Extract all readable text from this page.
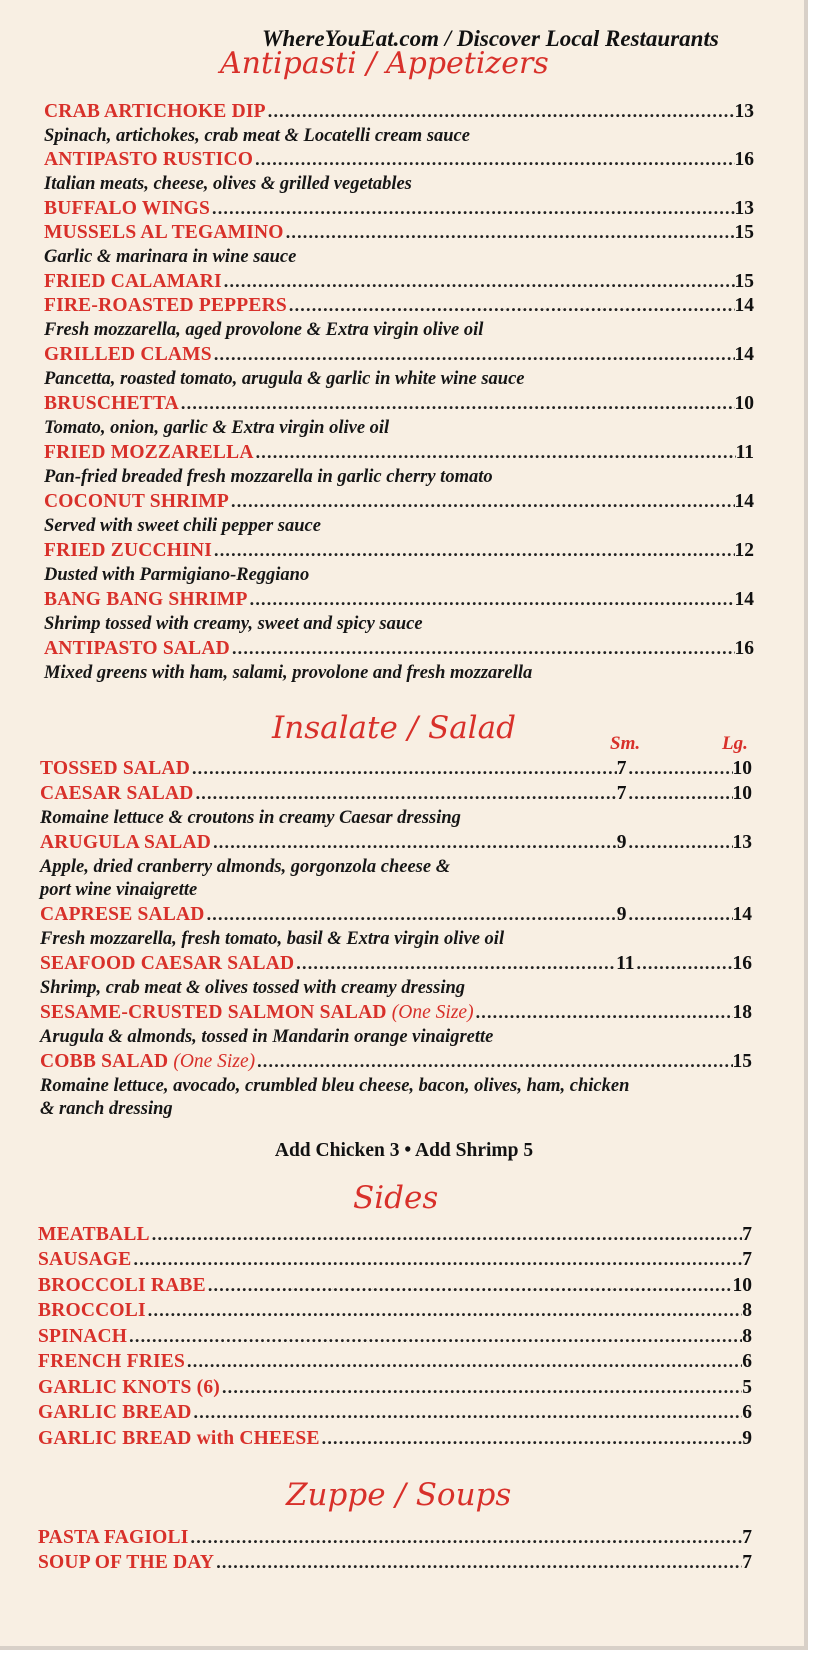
WhereYouEat.com / Discover Local Restaurants
Antipasti / Appetizers
CRAB ARTICHOKE DIP .....	13
Spinach, artichokes, crab meat & Locatelli cream sauce
ANTIPASTO RUSTICO .....	16
Italian meats, cheese, olives & grilled vegetables
BUFFALO WINGS .....	13
MUSSELS AL TEGAMINO .....	15
Garlic & marinara in wine sauce
FRIED CALAMARI .....	15
FIRE-ROASTED PEPPERS .....	14
Fresh mozzarella, aged provolone & Extra virgin olive oil
GRILLED CLAMS .....	14
Pancetta, roasted tomato, arugula & garlic in white wine sauce
BRUSCHETTA .....	10
Tomato, onion, garlic & Extra virgin olive oil
FRIED MOZZARELLA .....	11
Pan-fried breaded fresh mozzarella in garlic cherry tomato
COCONUT SHRIMP .....	14
Served with sweet chili pepper sauce
FRIED ZUCCHINI .....	12
Dusted with Parmigiano-Reggiano
BANG BANG SHRIMP .....	14
Shrimp tossed with creamy, sweet and spicy sauce
ANTIPASTO SALAD .....	16
Mixed greens with ham, salami, provolone and fresh mozzarella
Insalate / Salad	Sm.	Lg.
TOSSED SALAD .....	7 .....	10
CAESAR SALAD .....	7 .....	10
Romaine lettuce & croutons in creamy Caesar dressing
ARUGULA SALAD .....	9 .....	13
Apple, dried cranberry almonds, gorgonzola cheese &
port wine vinaigrette
CAPRESE SALAD .....	9 .....	14
Fresh mozzarella, fresh tomato, basil & Extra virgin olive oil
SEAFOOD CAESAR SALAD .....	11 .....	16
Shrimp, crab meat & olives tossed with creamy dressing
SESAME-CRUSTED SALMON SALAD (One Size) .....	18
Arugula & almonds, tossed in Mandarin orange vinaigrette
COBB SALAD (One Size) .....	15
Romaine lettuce, avocado, crumbled bleu cheese, bacon, olives, ham, chicken
& ranch dressing
Add Chicken 3 • Add Shrimp 5
Sides
MEATBALL .....	7
SAUSAGE .....	7
BROCCOLI RABE .....	10
BROCCOLI .....	8
SPINACH .....	8
FRENCH FRIES .....	6
GARLIC KNOTS (6) .....	5
GARLIC BREAD .....	6
GARLIC BREAD with CHEESE .....	9
Zuppe / Soups
PASTA FAGIOLI .....	7
SOUP OF THE DAY .....	7
